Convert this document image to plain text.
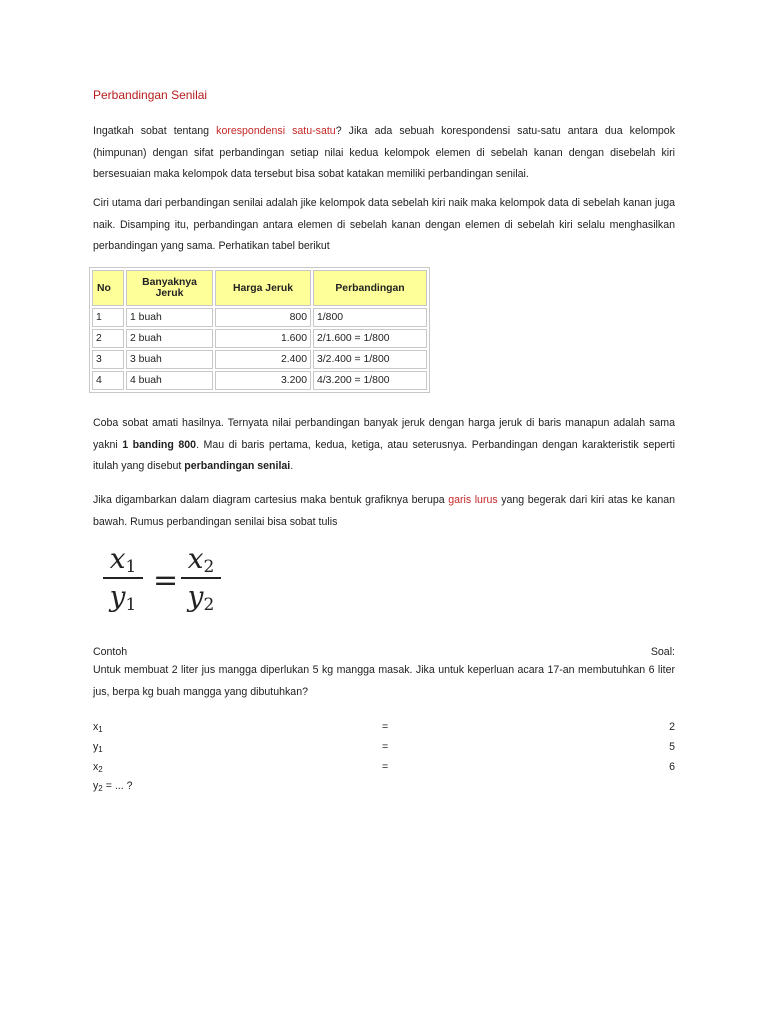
Perbandingan Senilai

Ingatkah sobat tentang korespondensi satu-satu? Jika ada sebuah korespondensi satu-satu antara dua kelompok (himpunan) dengan sifat perbandingan setiap nilai kedua kelompok elemen di sebelah kanan dengan disebelah kiri bersesuaian maka kelompok data tersebut bisa sobat katakan memiliki perbandingan senilai.

Ciri utama dari perbandingan senilai adalah jike kelompok data sebelah kiri naik maka kelompok data di sebelah kanan juga naik. Disamping itu, perbandingan antara elemen di sebelah kanan dengan elemen di sebelah kiri selalu menghasilkan perbandingan yang sama. Perhatikan tabel berikut

No	Banyaknya Jeruk	Harga Jeruk	Perbandingan
1	1 buah	800	1/800
2	2 buah	1.600	2/1.600 = 1/800
3	3 buah	2.400	3/2.400 = 1/800
4	4 buah	3.200	4/3.200 = 1/800

Coba sobat amati hasilnya. Ternyata nilai perbandingan banyak jeruk dengan harga jeruk di baris manapun adalah sama yakni 1 banding 800. Mau di baris pertama, kedua, ketiga, atau seterusnya. Perbandingan dengan karakteristik seperti itulah yang disebut perbandingan senilai.

Jika digambarkan dalam diagram cartesius maka bentuk grafiknya berupa garis lurus yang begerak dari kiri atas ke kanan bawah. Rumus perbandingan senilai bisa sobat tulis

$x_1$
$y_1$
=
$x_2$
$y_2$
Contoh	Soal:

Untuk membuat 2 liter jus mangga diperlukan 5 kg mangga masak. Jika untuk keperluan acara 17-an membutuhkan 6 liter jus, berpa kg buah mangga yang dibutuhkan?

x1	=	2
y1	=	5
x2	=	6
y2 = ... ?
